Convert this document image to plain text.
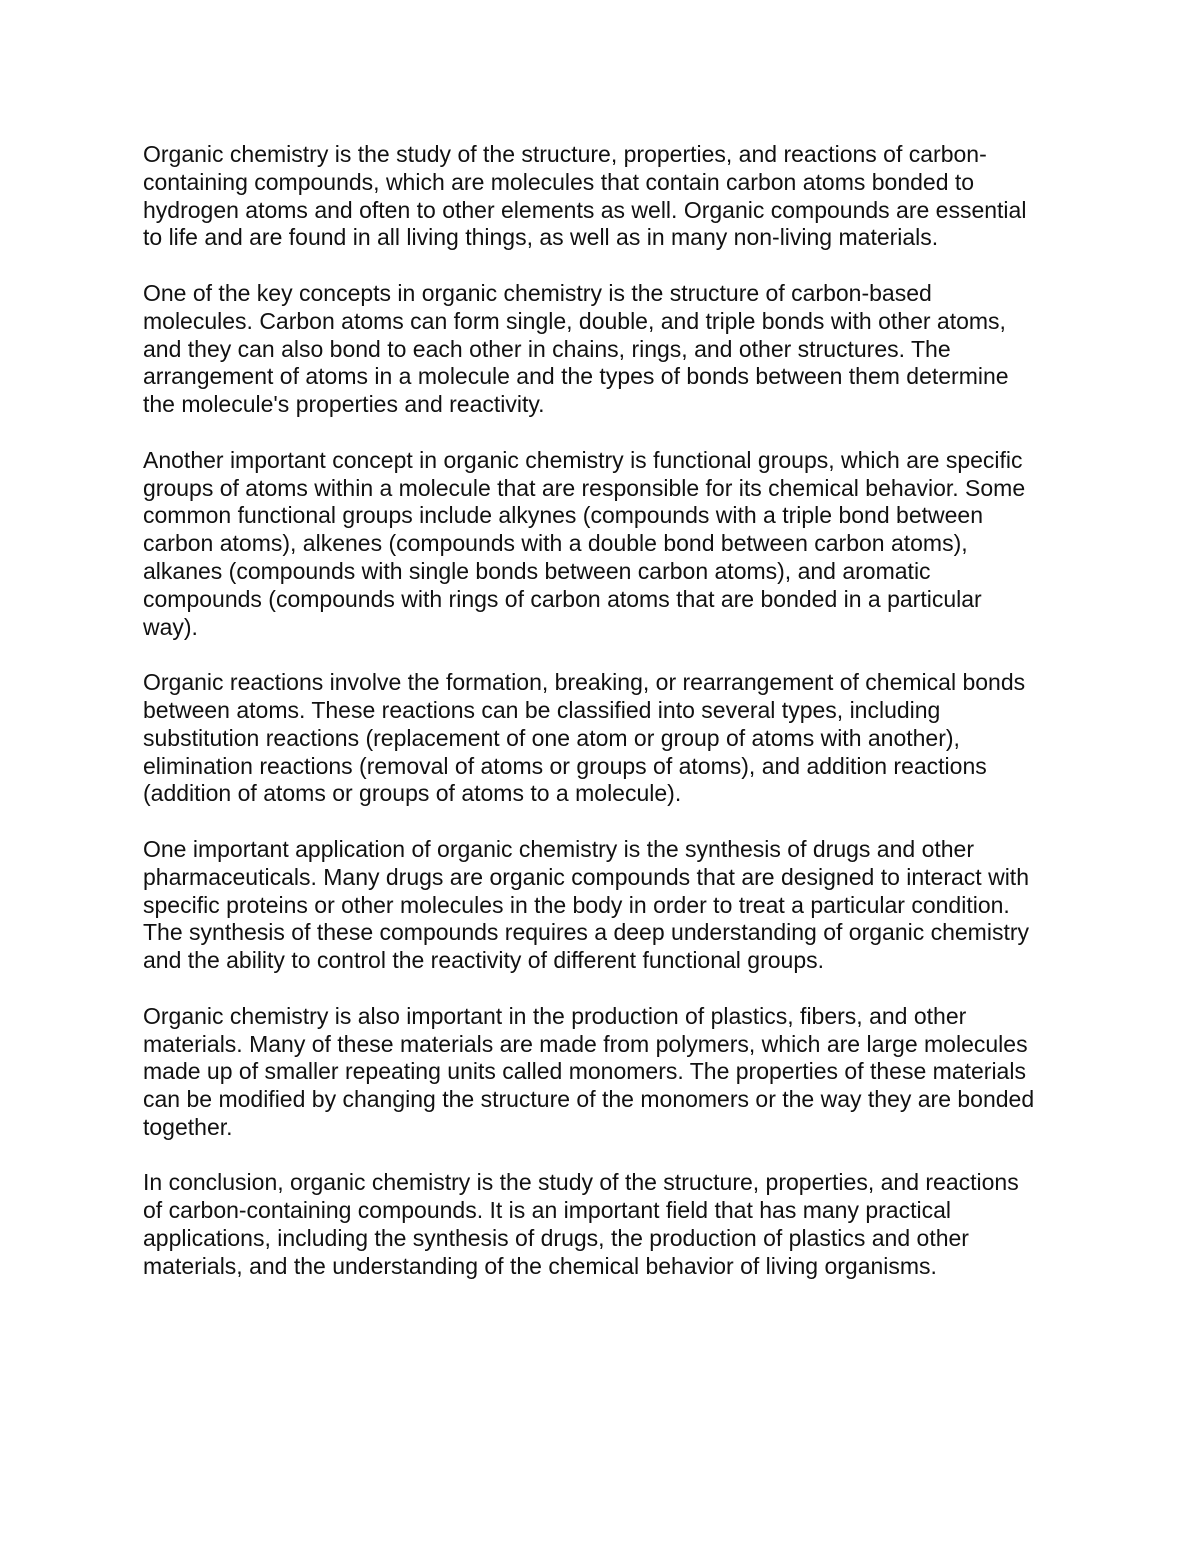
Organic chemistry is the study of the structure, properties, and reactions of carbon-
containing compounds, which are molecules that contain carbon atoms bonded to
hydrogen atoms and often to other elements as well. Organic compounds are essential
to life and are found in all living things, as well as in many non-living materials.

One of the key concepts in organic chemistry is the structure of carbon-based
molecules. Carbon atoms can form single, double, and triple bonds with other atoms,
and they can also bond to each other in chains, rings, and other structures. The
arrangement of atoms in a molecule and the types of bonds between them determine
the molecule's properties and reactivity.

Another important concept in organic chemistry is functional groups, which are specific
groups of atoms within a molecule that are responsible for its chemical behavior. Some
common functional groups include alkynes (compounds with a triple bond between
carbon atoms), alkenes (compounds with a double bond between carbon atoms),
alkanes (compounds with single bonds between carbon atoms), and aromatic
compounds (compounds with rings of carbon atoms that are bonded in a particular
way).

Organic reactions involve the formation, breaking, or rearrangement of chemical bonds
between atoms. These reactions can be classified into several types, including
substitution reactions (replacement of one atom or group of atoms with another),
elimination reactions (removal of atoms or groups of atoms), and addition reactions
(addition of atoms or groups of atoms to a molecule).

One important application of organic chemistry is the synthesis of drugs and other
pharmaceuticals. Many drugs are organic compounds that are designed to interact with
specific proteins or other molecules in the body in order to treat a particular condition.
The synthesis of these compounds requires a deep understanding of organic chemistry
and the ability to control the reactivity of different functional groups.

Organic chemistry is also important in the production of plastics, fibers, and other
materials. Many of these materials are made from polymers, which are large molecules
made up of smaller repeating units called monomers. The properties of these materials
can be modified by changing the structure of the monomers or the way they are bonded
together.

In conclusion, organic chemistry is the study of the structure, properties, and reactions
of carbon-containing compounds. It is an important field that has many practical
applications, including the synthesis of drugs, the production of plastics and other
materials, and the understanding of the chemical behavior of living organisms.
